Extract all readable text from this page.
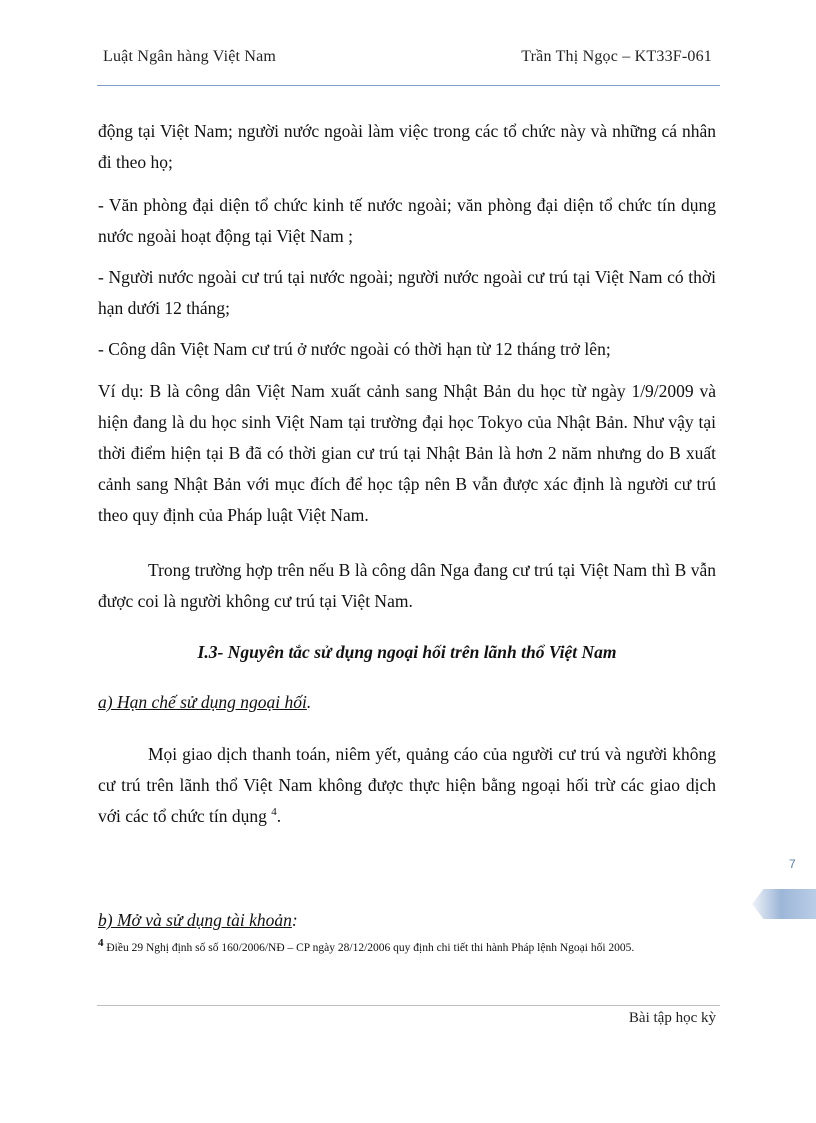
Luật Ngân hàng Việt Nam	Trần Thị Ngọc – KT33F-061

động tại Việt Nam; người nước ngoài làm việc trong các tổ chức này và những cá nhân đi theo họ;

- Văn phòng đại diện tổ chức kinh tế nước ngoài; văn phòng đại diện tổ chức tín dụng nước ngoài hoạt động tại Việt Nam ;

- Người nước ngoài cư trú tại nước ngoài; người nước ngoài cư trú tại Việt Nam có thời hạn dưới 12 tháng;

- Công dân Việt Nam cư trú ở nước ngoài có thời hạn từ 12 tháng trở lên;

Ví dụ: B là công dân Việt Nam xuất cảnh sang Nhật Bản du học từ ngày 1/9/2009 và hiện đang là du học sinh Việt Nam tại trường đại học Tokyo của Nhật Bản. Như vậy tại thời điểm hiện tại B đã có thời gian cư trú tại Nhật Bản là hơn 2 năm nhưng do B xuất cảnh sang Nhật Bản với mục đích để học tập nên B vẫn được xác định là người cư trú theo quy định của Pháp luật Việt Nam.

Trong trường hợp trên nếu B là công dân Nga đang cư trú tại Việt Nam thì B vẫn được coi là người không cư trú tại Việt Nam.

I.3- Nguyên tắc sử dụng ngoại hối trên lãnh thổ Việt Nam

a) Hạn chế sử dụng ngoại hối.

Mọi giao dịch thanh toán, niêm yết, quảng cáo của người cư trú và người không cư trú trên lãnh thổ Việt Nam không được thực hiện bằng ngoại hối trừ các giao dịch với các tổ chức tín dụng $^4$.

7

b) Mở và sử dụng tài khoản:

$^4$ Điều 29 Nghị định số số 160/2006/NĐ – CP ngày 28/12/2006 quy định chi tiết thi hành Pháp lệnh Ngoại hối 2005.

Bài tập học kỳ
